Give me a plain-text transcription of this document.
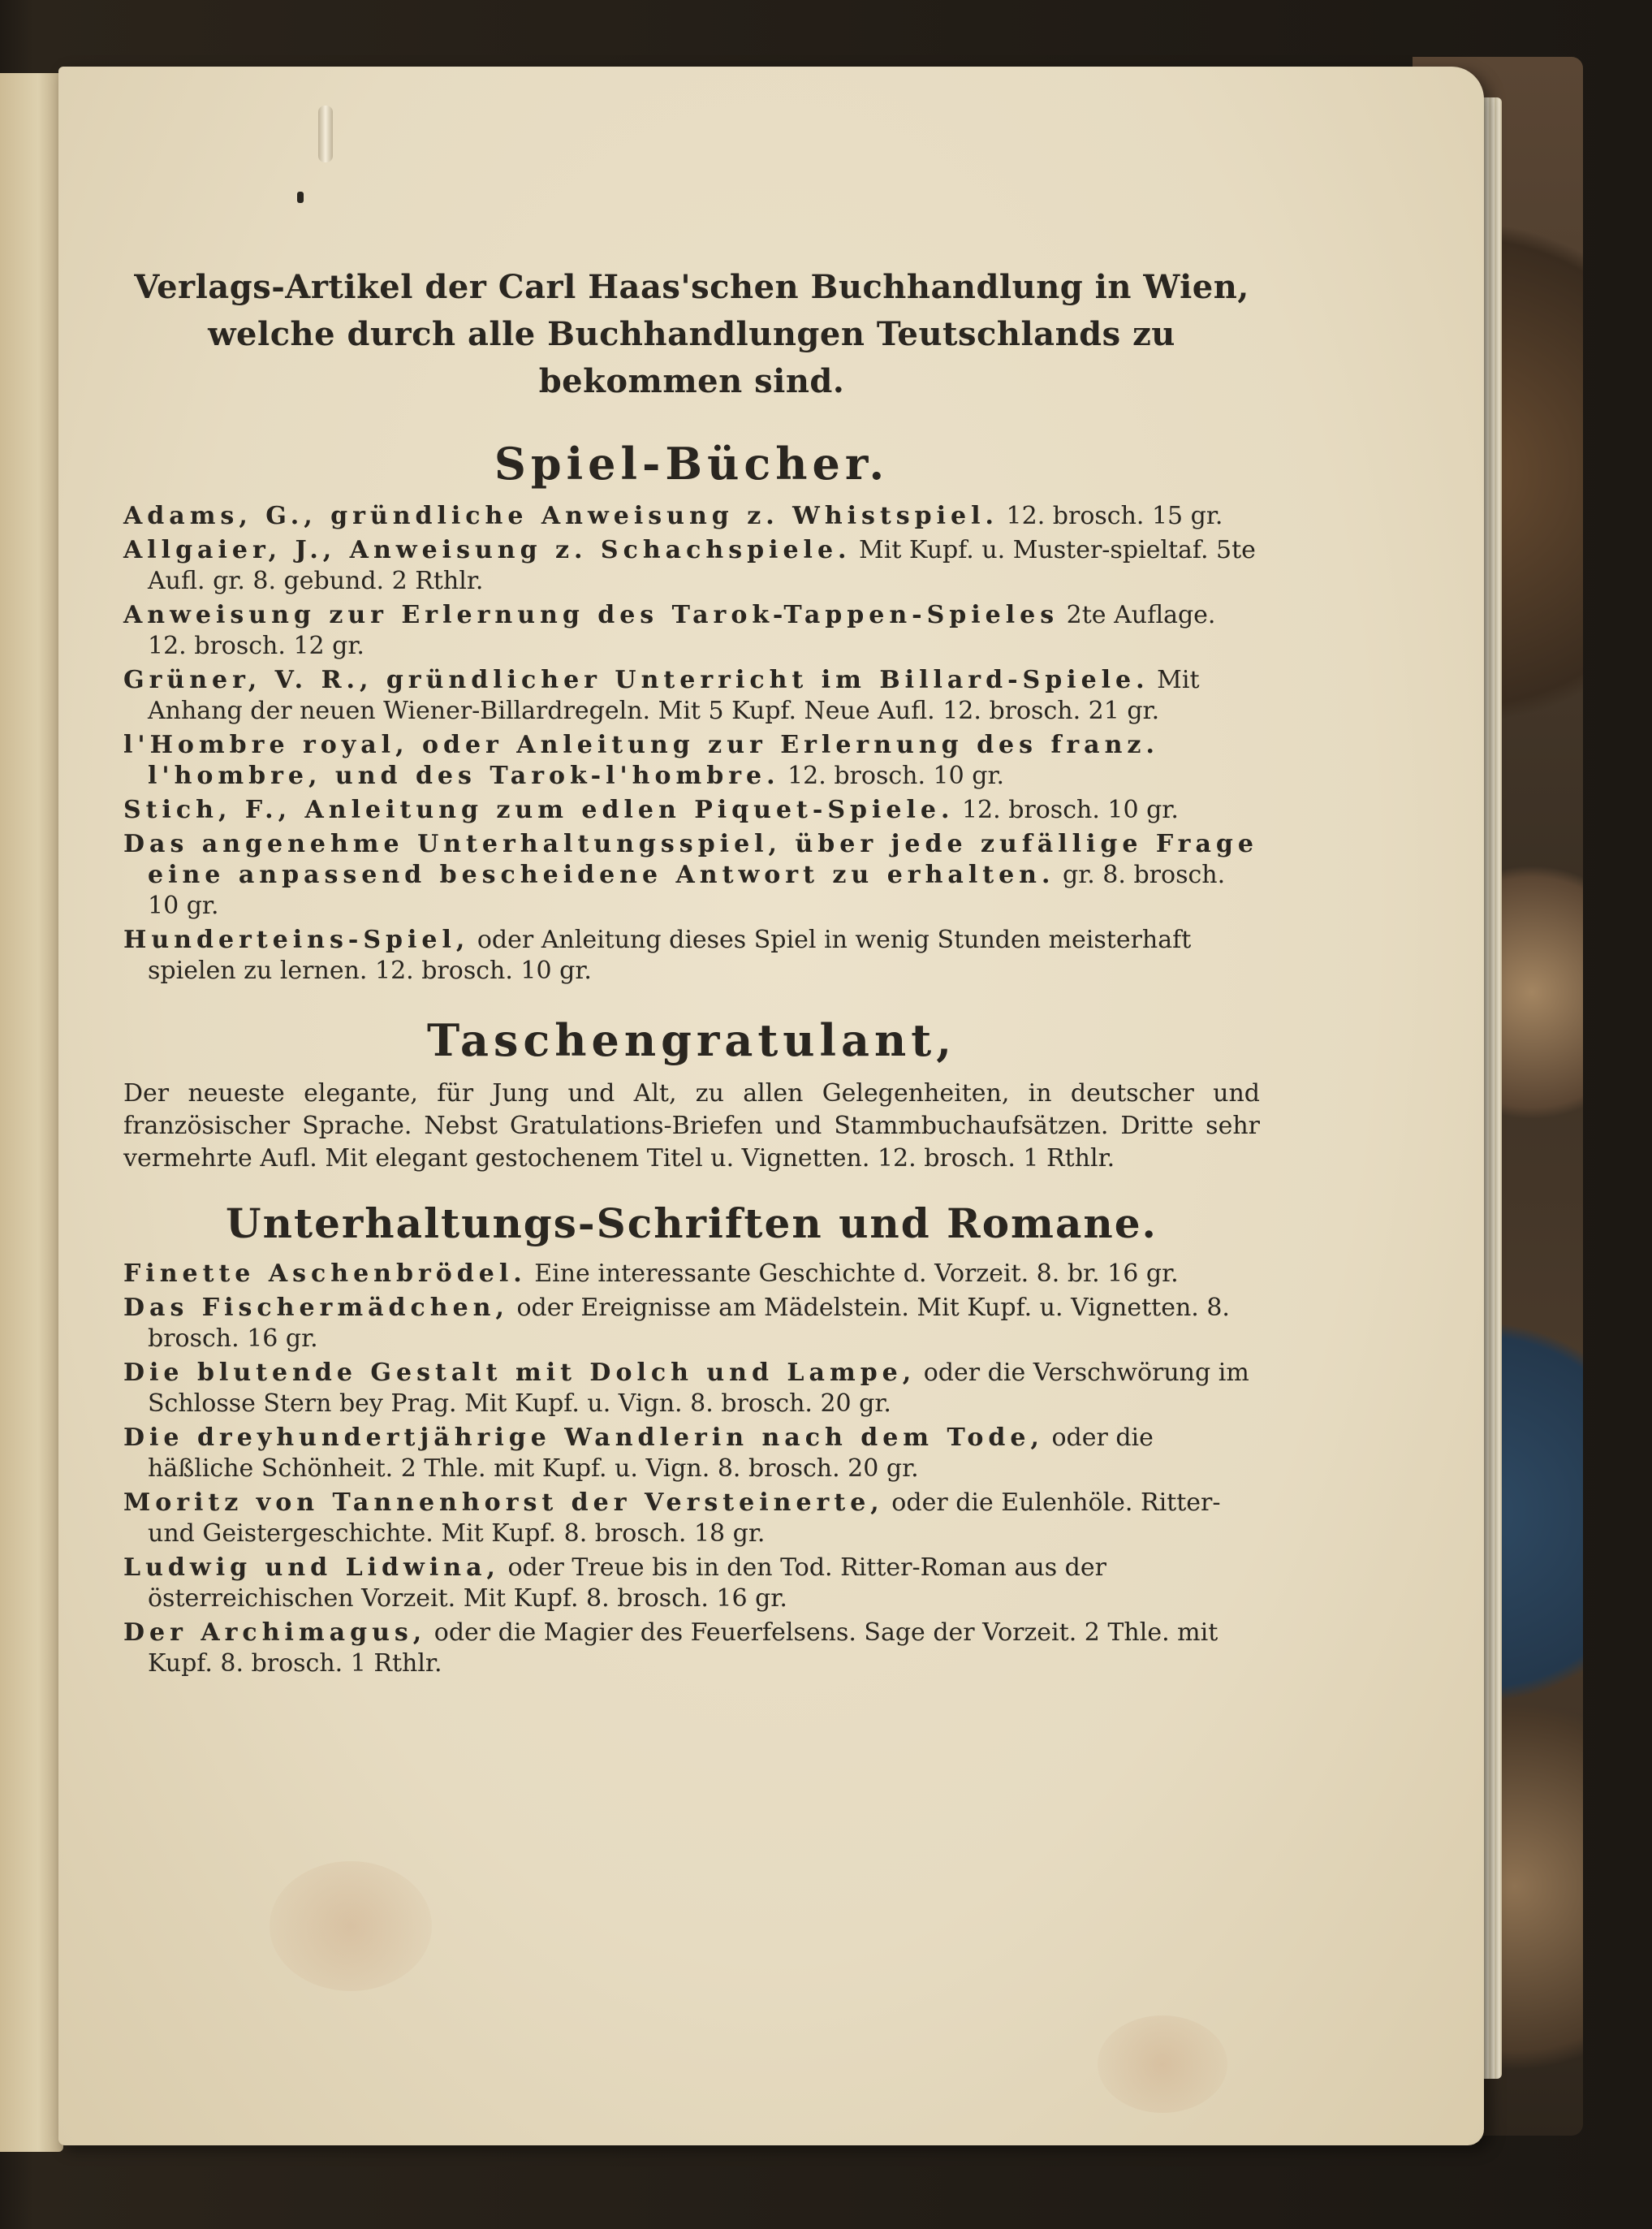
Verlags-Artikel der Carl Haas'schen Buchhandlung in Wien,
welche durch alle Buchhandlungen Teutschlands zu bekommen sind.
Spiel-Bücher.
Adams, G., gründliche Anweisung z. Whistspiel. 12. brosch. 15 gr.
Allgaier, J., Anweisung z. Schachspiele. Mit Kupf. u. Muster-spieltaf. 5te Aufl. gr. 8. gebund. 2 Rthlr.
Anweisung zur Erlernung des Tarok-Tappen-Spieles 2te Auflage. 12. brosch. 12 gr.
Grüner, V. R., gründlicher Unterricht im Billard-Spiele. Mit Anhang der neuen Wiener-Billardregeln. Mit 5 Kupf. Neue Aufl. 12. brosch. 21 gr.
l'Hombre royal, oder Anleitung zur Erlernung des franz. l'hombre, und des Tarok-l'hombre. 12. brosch. 10 gr.
Stich, F., Anleitung zum edlen Piquet-Spiele. 12. brosch. 10 gr.
Das angenehme Unterhaltungsspiel, über jede zufällige Frage eine anpassend bescheidene Antwort zu erhalten. gr. 8. brosch. 10 gr.
Hunderteins-Spiel, oder Anleitung dieses Spiel in wenig Stunden meisterhaft spielen zu lernen. 12. brosch. 10 gr.
Taschengratulant,
Der neueste elegante, für Jung und Alt, zu allen Gelegenheiten, in deutscher und französischer Sprache. Nebst Gratulations-Briefen und Stammbuchaufsätzen. Dritte sehr vermehrte Aufl. Mit elegant gestochenem Titel u. Vignetten. 12. brosch. 1 Rthlr.
Unterhaltungs-Schriften und Romane.
Finette Aschenbrödel. Eine interessante Geschichte d. Vorzeit. 8. br. 16 gr.
Das Fischermädchen, oder Ereignisse am Mädelstein. Mit Kupf. u. Vignetten. 8. brosch. 16 gr.
Die blutende Gestalt mit Dolch und Lampe, oder die Verschwörung im Schlosse Stern bey Prag. Mit Kupf. u. Vign. 8. brosch. 20 gr.
Die dreyhundertjährige Wandlerin nach dem Tode, oder die häßliche Schönheit. 2 Thle. mit Kupf. u. Vign. 8. brosch. 20 gr.
Moritz von Tannenhorst der Versteinerte, oder die Eulenhöle. Ritter- und Geistergeschichte. Mit Kupf. 8. brosch. 18 gr.
Ludwig und Lidwina, oder Treue bis in den Tod. Ritter-Roman aus der österreichischen Vorzeit. Mit Kupf. 8. brosch. 16 gr.
Der Archimagus, oder die Magier des Feuerfelsens. Sage der Vorzeit. 2 Thle. mit Kupf. 8. brosch. 1 Rthlr.
